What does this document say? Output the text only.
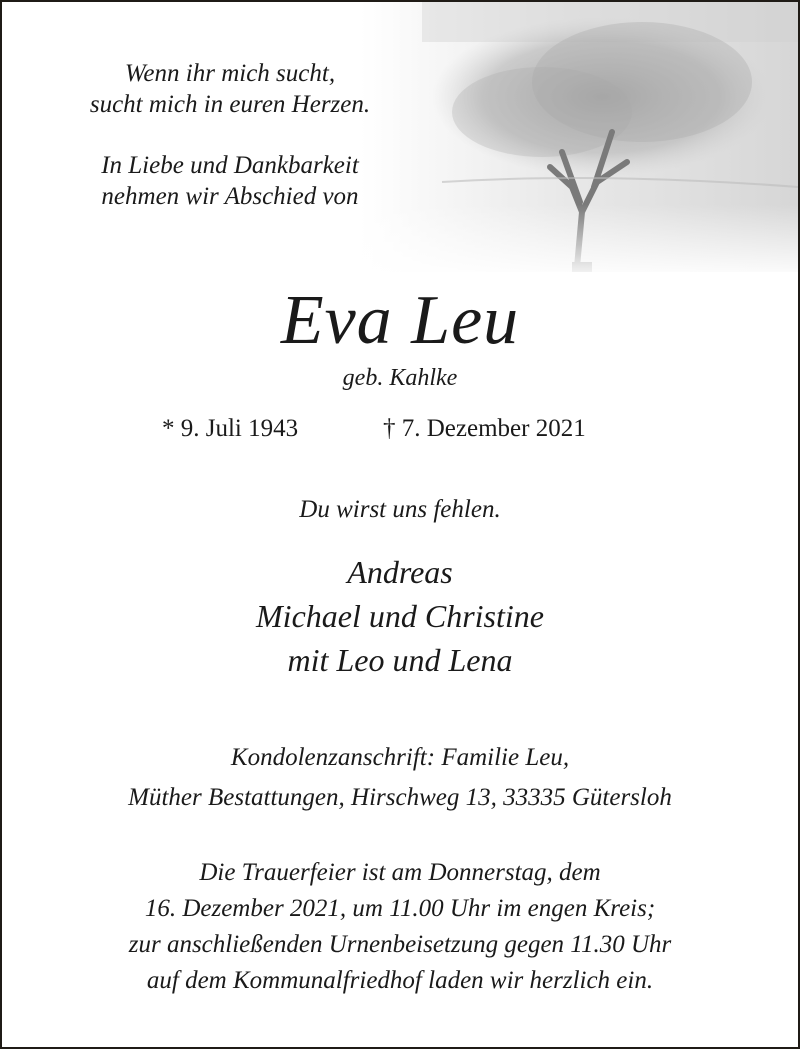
Wenn ihr mich sucht,

sucht mich in euren Herzen.

In Liebe und Dankbarkeit

nehmen wir Abschied von

Eva Leu
geb. Kahlke
* 9. Juli 1943	† 7. Dezember 2021
Du wirst uns fehlen.
Andreas
Michael und Christine
mit Leo und Lena
Kondolenzanschrift: Familie Leu,
Müther Bestattungen, Hirschweg 13, 33335 Gütersloh
Die Trauerfeier ist am Donnerstag, dem
16. Dezember 2021, um 11.00 Uhr im engen Kreis;
zur anschließenden Urnenbeisetzung gegen 11.30 Uhr
auf dem Kommunalfriedhof laden wir herzlich ein.
